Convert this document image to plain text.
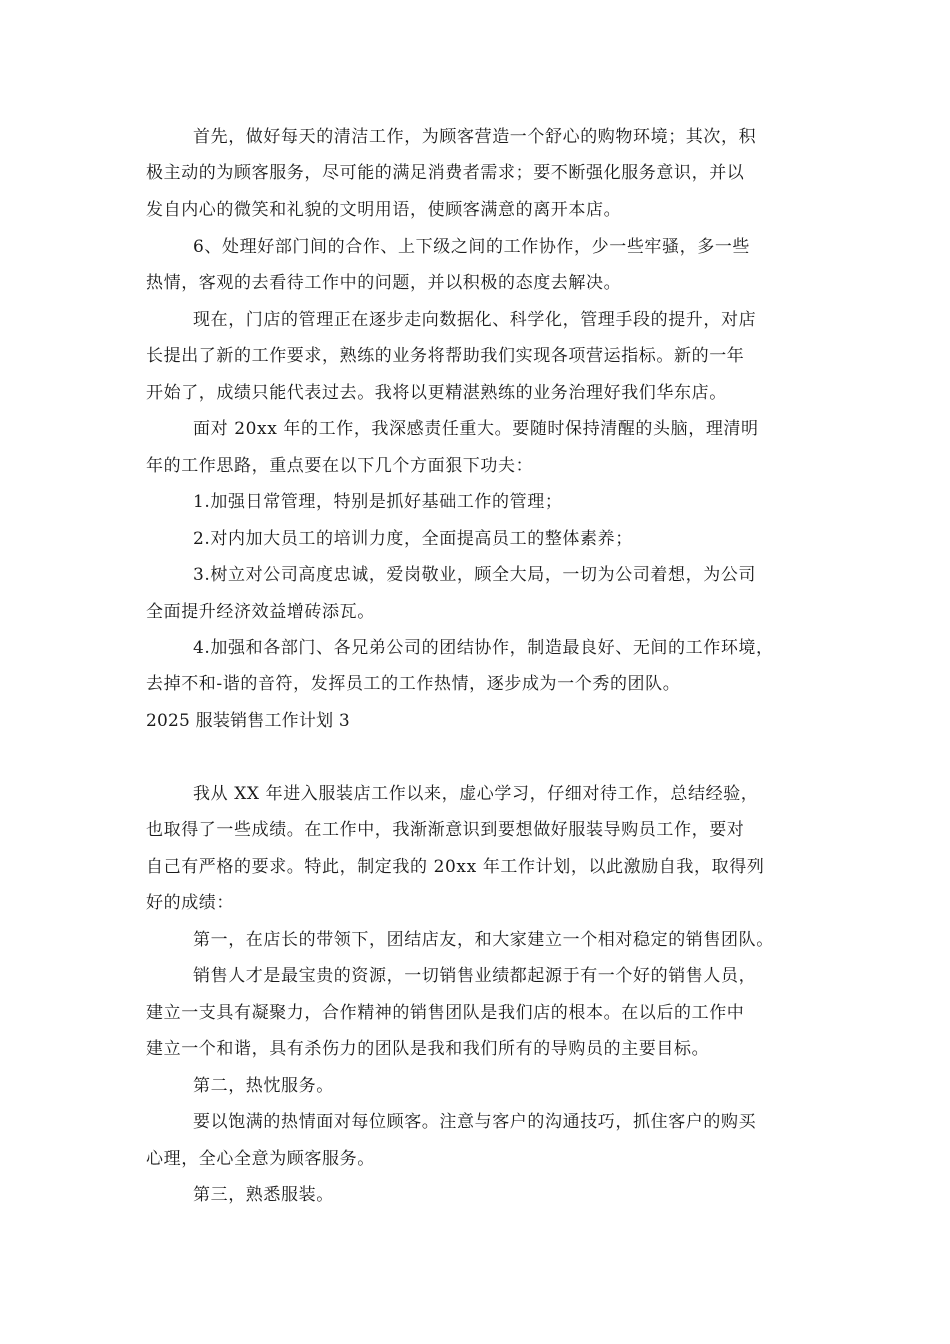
首先，做好每天的清洁工作，为顾客营造一个舒心的购物环境；其次，积
极主动的为顾客服务，尽可能的满足消费者需求；要不断强化服务意识，并以
发自内心的微笑和礼貌的文明用语，使顾客满意的离开本店。
6、处理好部门间的合作、上下级之间的工作协作，少一些牢骚，多一些
热情，客观的去看待工作中的问题，并以积极的态度去解决。
现在，门店的管理正在逐步走向数据化、科学化，管理手段的提升，对店
长提出了新的工作要求，熟练的业务将帮助我们实现各项营运指标。新的一年
开始了，成绩只能代表过去。我将以更精湛熟练的业务治理好我们华东店。
面对 20xx 年的工作，我深感责任重大。要随时保持清醒的头脑，理清明
年的工作思路，重点要在以下几个方面狠下功夫：
1.加强日常管理，特别是抓好基础工作的管理；
2.对内加大员工的培训力度，全面提高员工的整体素养；
3.树立对公司高度忠诚，爱岗敬业，顾全大局，一切为公司着想，为公司
全面提升经济效益增砖添瓦。
4.加强和各部门、各兄弟公司的团结协作，制造最良好、无间的工作环境，
去掉不和-谐的音符，发挥员工的工作热情，逐步成为一个秀的团队。
2025 服装销售工作计划 3
我从 XX 年进入服装店工作以来，虚心学习，仔细对待工作，总结经验，
也取得了一些成绩。在工作中，我渐渐意识到要想做好服装导购员工作，要对
自己有严格的要求。特此，制定我的 20xx 年工作计划，以此激励自我，取得列
好的成绩：
第一，在店长的带领下，团结店友，和大家建立一个相对稳定的销售团队。
销售人才是最宝贵的资源，一切销售业绩都起源于有一个好的销售人员，
建立一支具有凝聚力，合作精神的销售团队是我们店的根本。在以后的工作中
建立一个和谐，具有杀伤力的团队是我和我们所有的导购员的主要目标。
第二，热忱服务。
要以饱满的热情面对每位顾客。注意与客户的沟通技巧，抓住客户的购买
心理，全心全意为顾客服务。
第三，熟悉服装。
